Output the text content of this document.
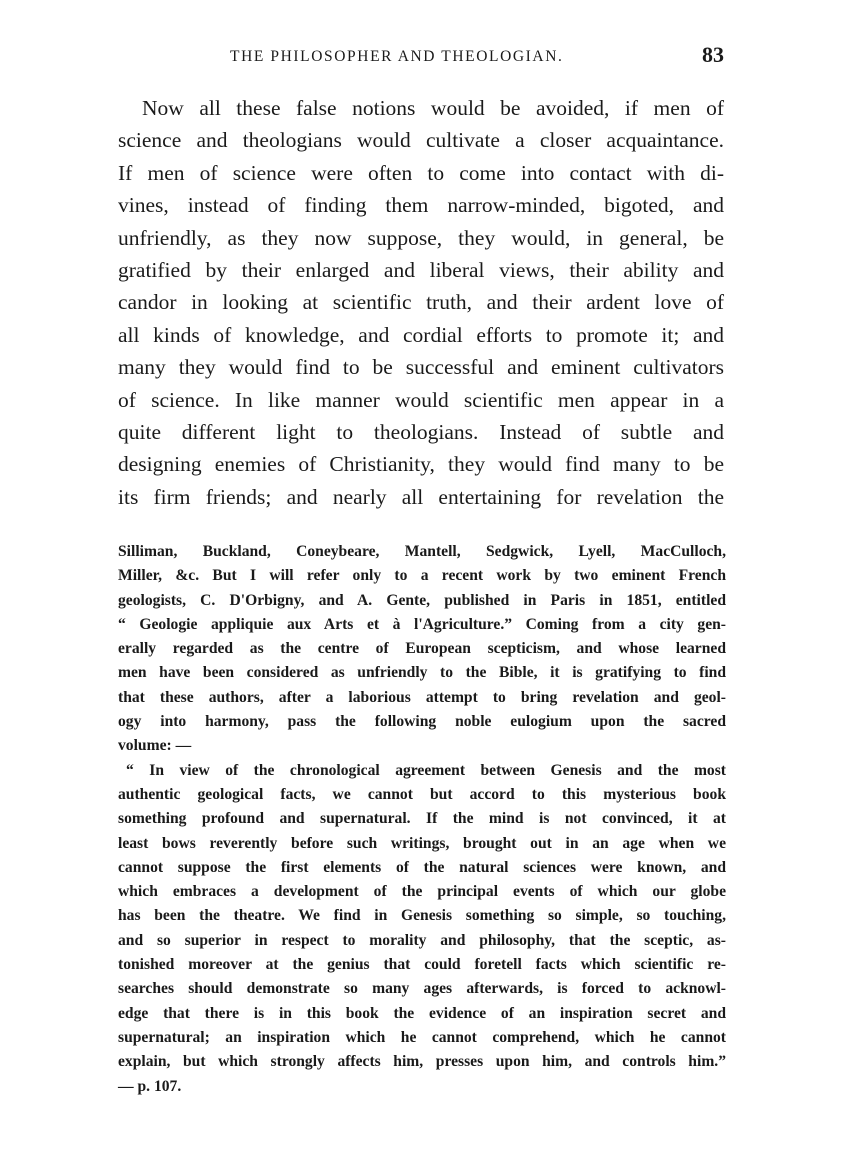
THE PHILOSOPHER AND THEOLOGIAN.	83
Now all these false notions would be avoided, if men of
science and theologians would cultivate a closer acquaintance.
If men of science were often to come into contact with di-
vines, instead of finding them narrow-minded, bigoted, and
unfriendly, as they now suppose, they would, in general, be
gratified by their enlarged and liberal views, their ability and
candor in looking at scientific truth, and their ardent love of
all kinds of knowledge, and cordial efforts to promote it; and
many they would find to be successful and eminent cultivators
of science. In like manner would scientific men appear in a
quite different light to theologians. Instead of subtle and
designing enemies of Christianity, they would find many to be
its firm friends; and nearly all entertaining for revelation the
Silliman, Buckland, Coneybeare, Mantell, Sedgwick, Lyell, MacCulloch,
Miller, &c. But I will refer only to a recent work by two eminent French
geologists, C. D'Orbigny, and A. Gente, published in Paris in 1851, entitled
“ Geologie appliquie aux Arts et à l'Agriculture.” Coming from a city gen-
erally regarded as the centre of European scepticism, and whose learned
men have been considered as unfriendly to the Bible, it is gratifying to find
that these authors, after a laborious attempt to bring revelation and geol-
ogy into harmony, pass the following noble eulogium upon the sacred
volume: —
“ In view of the chronological agreement between Genesis and the most
authentic geological facts, we cannot but accord to this mysterious book
something profound and supernatural. If the mind is not convinced, it at
least bows reverently before such writings, brought out in an age when we
cannot suppose the first elements of the natural sciences were known, and
which embraces a development of the principal events of which our globe
has been the theatre. We find in Genesis something so simple, so touching,
and so superior in respect to morality and philosophy, that the sceptic, as-
tonished moreover at the genius that could foretell facts which scientific re-
searches should demonstrate so many ages afterwards, is forced to acknowl-
edge that there is in this book the evidence of an inspiration secret and
supernatural; an inspiration which he cannot comprehend, which he cannot
explain, but which strongly affects him, presses upon him, and controls him.”
— p. 107.
